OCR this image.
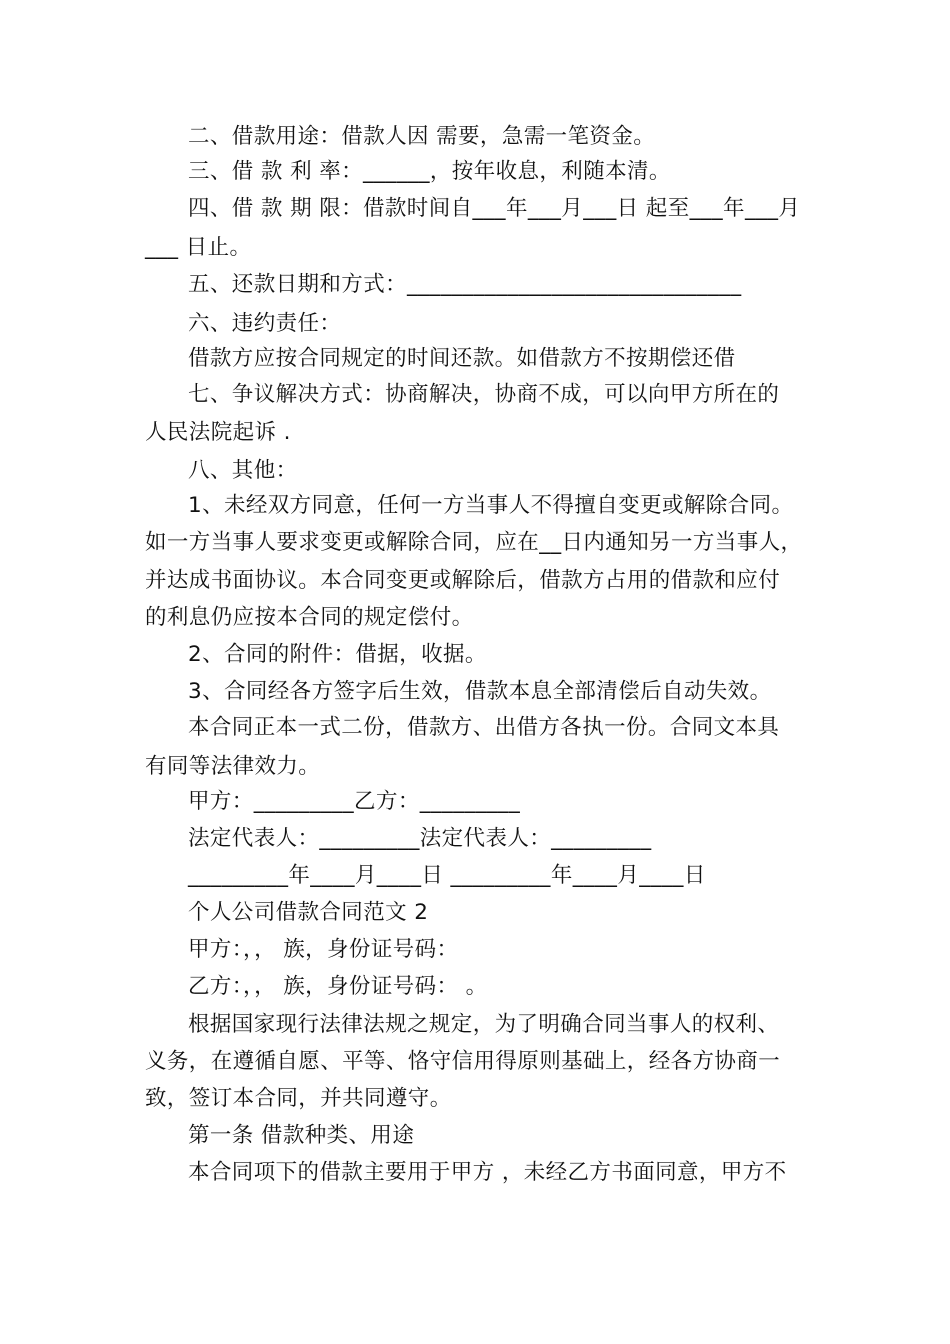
二、借款用途：借款人因 需要，急需一笔资金。
三、借 款 利 率：______，按年收息，利随本清。
四、借 款 期 限：借款时间自___年___月___日 起至___年___月
___ 日止。
五、还款日期和方式：______________________________
六、违约责任：
借款方应按合同规定的时间还款。如借款方不按期偿还借
七、争议解决方式：协商解决，协商不成，可以向甲方所在的
人民法院起诉 .
八、其他：
1、未经双方同意，任何一方当事人不得擅自变更或解除合同。
如一方当事人要求变更或解除合同，应在__日内通知另一方当事人，
并达成书面协议。本合同变更或解除后，借款方占用的借款和应付
的利息仍应按本合同的规定偿付。
2、合同的附件：借据，收据。
3、合同经各方签字后生效，借款本息全部清偿后自动失效。
本合同正本一式二份，借款方、出借方各执一份。合同文本具
有同等法律效力。
甲方：_________乙方：_________
法定代表人：_________法定代表人：_________
_________年____月____日 _________年____月____日
个人公司借款合同范文 2
甲方：，， 族，身份证号码：
乙方：，， 族，身份证号码： 。
根据国家现行法律法规之规定，为了明确合同当事人的权利、
义务，在遵循自愿、平等、恪守信用得原则基础上，经各方协商一
致，签订本合同，并共同遵守。
第一条 借款种类、用途
本合同项下的借款主要用于甲方 ，未经乙方书面同意，甲方不
